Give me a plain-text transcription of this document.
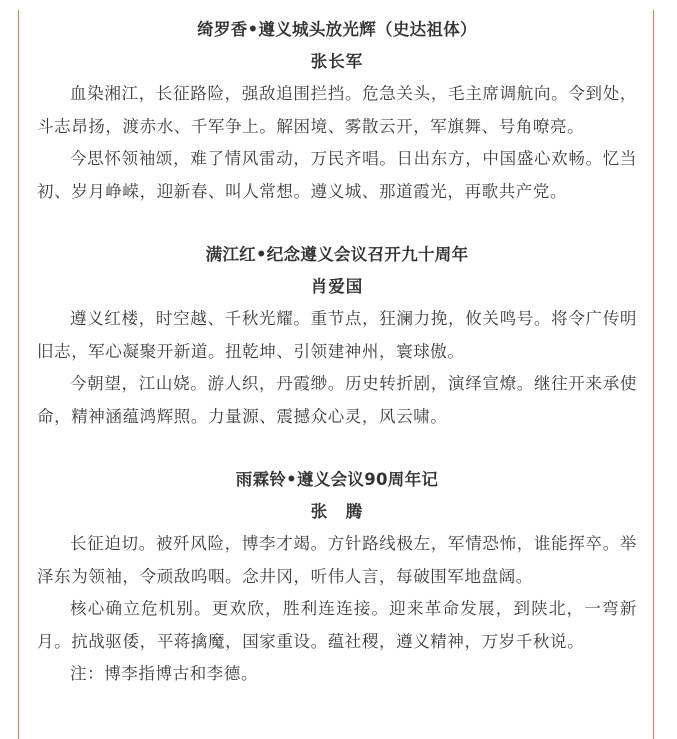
绮罗香•遵义城头放光辉（史达祖体）
张长军

血染湘江，长征路险，强敌追围拦挡。危急关头，毛主席调航向。令到处，斗志昂扬，渡赤水、千军争上。解困境、雾散云开，军旗舞、号角嘹亮。

今思怀领袖颂，难了情风雷动，万民齐唱。日出东方，中国盛心欢畅。忆当初、岁月峥嵘，迎新春、叫人常想。遵义城、那道霞光，再歌共产党。

满江红•纪念遵义会议召开九十周年
肖爱国

遵义红楼，时空越、千秋光耀。重节点，狂澜力挽，攸关鸣号。将令广传明旧志，军心凝聚开新道。扭乾坤、引领建神州，寰球傲。

今朝望，江山娆。游人织，丹霞缈。历史转折剧，演绎宣燎。继往开来承使命，精神涵蕴鸿辉照。力量源、震撼众心灵，风云啸。

雨霖铃•遵义会议90周年记
张　腾

长征迫切。被歼风险，博李才竭。方针路线极左，军情恐怖，谁能挥卒。举泽东为领袖，令顽敌呜咽。念井冈，听伟人言，每破围军地盘阔。

核心确立危机别。更欢欣，胜利连连接。迎来革命发展，到陕北，一弯新月。抗战驱倭，平蒋擒魔，国家重设。蕴社稷，遵义精神，万岁千秋说。

注：博李指博古和李德。
